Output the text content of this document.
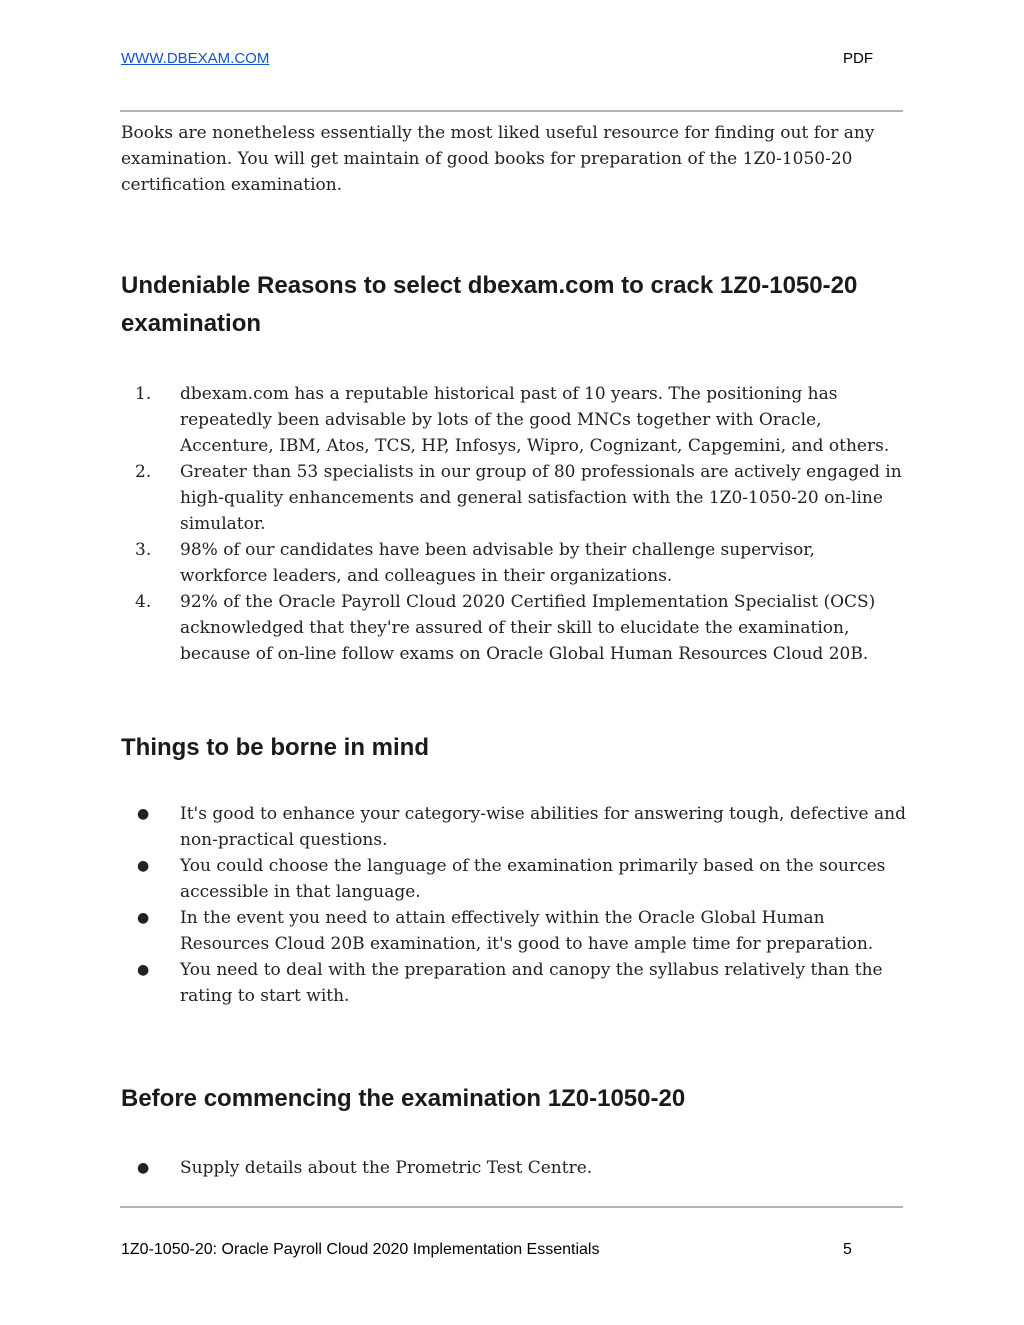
WWW.DBEXAM.COM	PDF

Books are nonetheless essentially the most liked useful resource for finding out for any examination. You will get maintain of good books for preparation of the 1Z0-1050-20 certification examination.

Undeniable Reasons to select dbexam.com to crack 1Z0-1050-20 examination
1.	dbexam.com has a reputable historical past of 10 years. The positioning has repeatedly been advisable by lots of the good MNCs together with Oracle, Accenture, IBM, Atos, TCS, HP, Infosys, Wipro, Cognizant, Capgemini, and others.
2.	Greater than 53 specialists in our group of 80 professionals are actively engaged in high-quality enhancements and general satisfaction with the 1Z0-1050-20 on-line simulator.
3.	98% of our candidates have been advisable by their challenge supervisor, workforce leaders, and colleagues in their organizations.
4.	92% of the Oracle Payroll Cloud 2020 Certified Implementation Specialist (OCS) acknowledged that they're assured of their skill to elucidate the examination, because of on-line follow exams on Oracle Global Human Resources Cloud 20B.
Things to be borne in mind
● It's good to enhance your category-wise abilities for answering tough, defective and non-practical questions.
● You could choose the language of the examination primarily based on the sources accessible in that language.
● In the event you need to attain effectively within the Oracle Global Human Resources Cloud 20B examination, it's good to have ample time for preparation.
● You need to deal with the preparation and canopy the syllabus relatively than the rating to start with.
Before commencing the examination 1Z0-1050-20
● Supply details about the Prometric Test Centre.
1Z0-1050-20: Oracle Payroll Cloud 2020 Implementation Essentials	5
